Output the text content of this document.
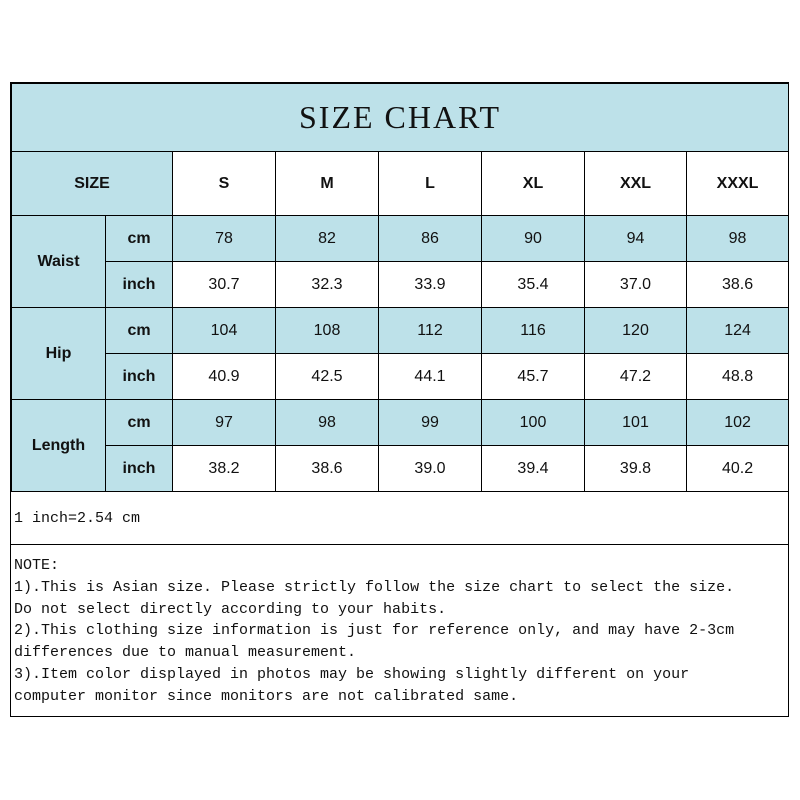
SIZE CHART							
SIZE		S	M	L	XL	XXL	XXXL
Waist	cm	78	82	86	90	94	98
	inch	30.7	32.3	33.9	35.4	37.0	38.6
Hip	cm	104	108	112	116	120	124
	inch	40.9	42.5	44.1	45.7	47.2	48.8
Length	cm	97	98	99	100	101	102
	inch	38.2	38.6	39.0	39.4	39.8	40.2
1 inch=2.54 cm
NOTE:
1).This is Asian size. Please strictly follow the size chart to select the size.
Do not select directly according to your habits.
2).This clothing size information is just for reference only, and may have 2-3cm
differences due to manual measurement.
3).Item color displayed in photos may be showing slightly different on your
computer monitor since monitors are not calibrated same.
